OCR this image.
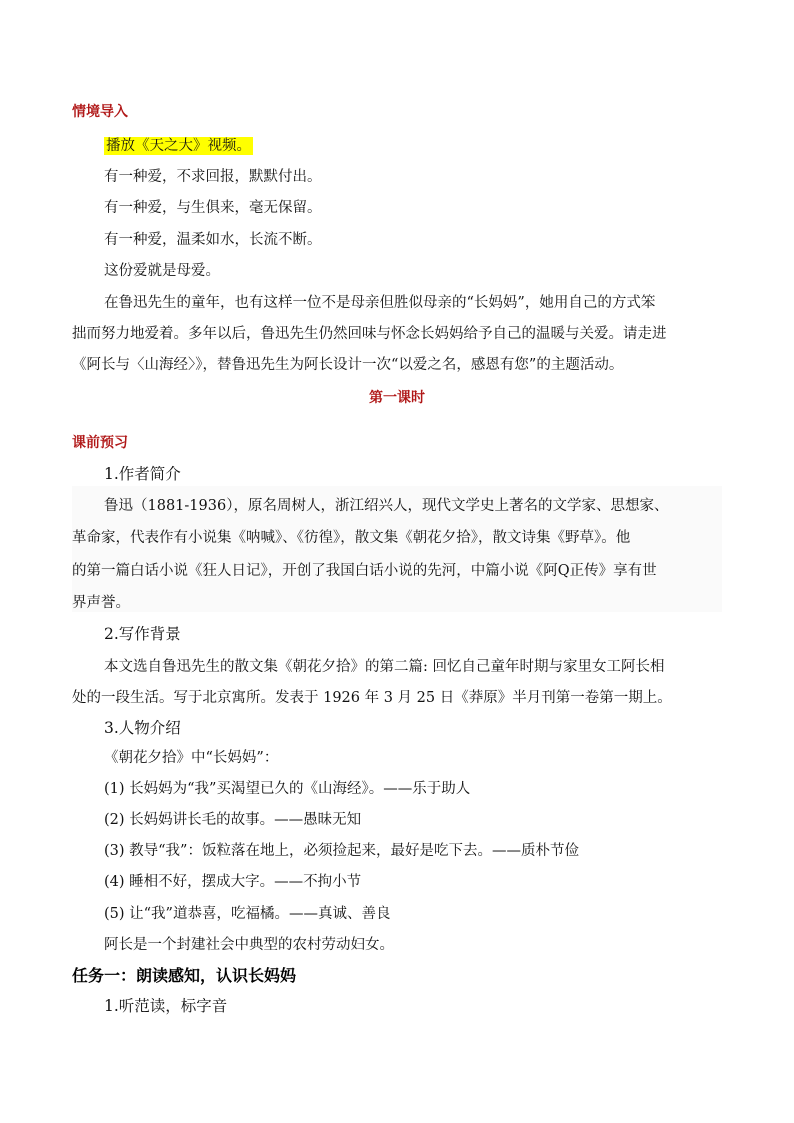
情境导入
播放《天之大》视频。
有一种爱，不求回报，默默付出。
有一种爱，与生俱来，毫无保留。
有一种爱，温柔如水，长流不断。
这份爱就是母爱。
在鲁迅先生的童年，也有这样一位不是母亲但胜似母亲的“长妈妈”，她用自己的方式笨
拙而努力地爱着。多年以后，鲁迅先生仍然回味与怀念长妈妈给予自己的温暖与关爱。请走进
《阿长与〈山海经〉》，替鲁迅先生为阿长设计一次“以爱之名，感恩有您”的主题活动。
第一课时
课前预习
1.作者简介
鲁迅（1881-1936），原名周树人，浙江绍兴人，现代文学史上著名的文学家、思想家、
革命家，代表作有小说集《呐喊》、《彷徨》，散文集《朝花夕拾》，散文诗集《野草》。他
的第一篇白话小说《狂人日记》，开创了我国白话小说的先河，中篇小说《阿Q正传》享有世
界声誉。
2.写作背景
本文选自鲁迅先生的散文集《朝花夕拾》的第二篇: 回忆自己童年时期与家里女工阿长相
处的一段生活。写于北京寓所。发表于 1926 年 3 月 25 日《莽原》半月刊第一卷第一期上。
3.人物介绍
《朝花夕拾》中“长妈妈”：
(1) 长妈妈为“我”买渴望已久的《山海经》。——乐于助人
(2) 长妈妈讲长毛的故事。——愚昧无知
(3) 教导“我”：饭粒落在地上，必须捡起来，最好是吃下去。——质朴节俭
(4) 睡相不好，摆成大字。——不拘小节
(5) 让“我”道恭喜，吃福橘。——真诚、善良
阿长是一个封建社会中典型的农村劳动妇女。
任务一：朗读感知，认识长妈妈
1.听范读，标字音
